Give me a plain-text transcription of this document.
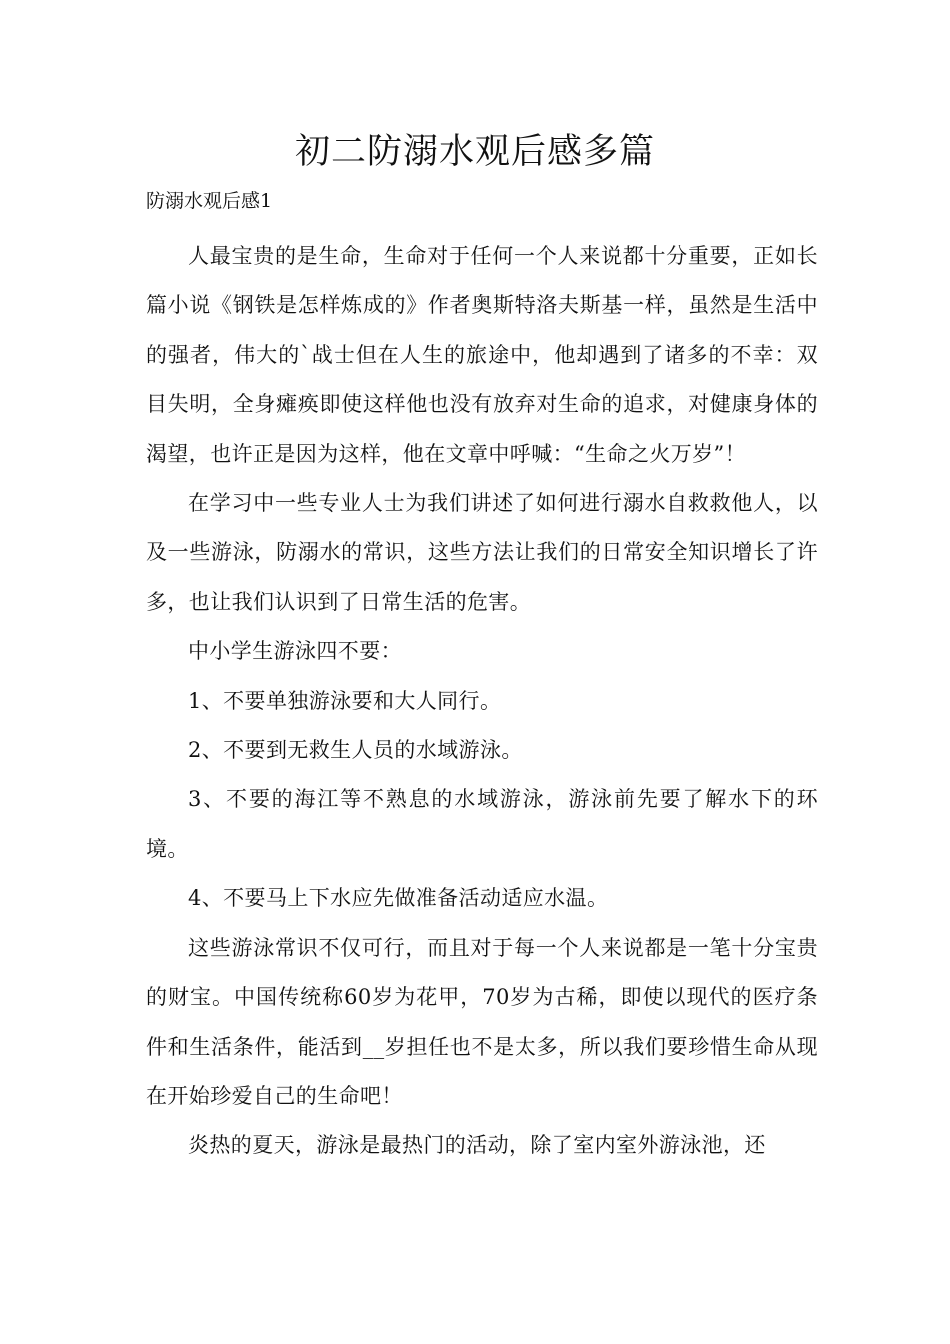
初二防溺水观后感多篇

防溺水观后感1

人最宝贵的是生命，生命对于任何一个人来说都十分重要，正如长篇小说《钢铁是怎样炼成的》作者奥斯特洛夫斯基一样，虽然是生活中的强者，伟大的`战士但在人生的旅途中，他却遇到了诸多的不幸：双目失明，全身瘫痪即使这样他也没有放弃对生命的追求，对健康身体的渴望，也许正是因为这样，他在文章中呼喊：“生命之火万岁”！

在学习中一些专业人士为我们讲述了如何进行溺水自救救他人，以及一些游泳，防溺水的常识，这些方法让我们的日常安全知识增长了许多，也让我们认识到了日常生活的危害。

中小学生游泳四不要：

1、不要单独游泳要和大人同行。

2、不要到无救生人员的水域游泳。

3、不要的海江等不熟息的水域游泳，游泳前先要了解水下的环境。

4、不要马上下水应先做准备活动适应水温。

这些游泳常识不仅可行，而且对于每一个人来说都是一笔十分宝贵的财宝。中国传统称60岁为花甲，70岁为古稀，即使以现代的医疗条件和生活条件，能活到__岁担任也不是太多，所以我们要珍惜生命从现在开始珍爱自己的生命吧！

炎热的夏天，游泳是最热门的活动，除了室内室外游泳池，还
